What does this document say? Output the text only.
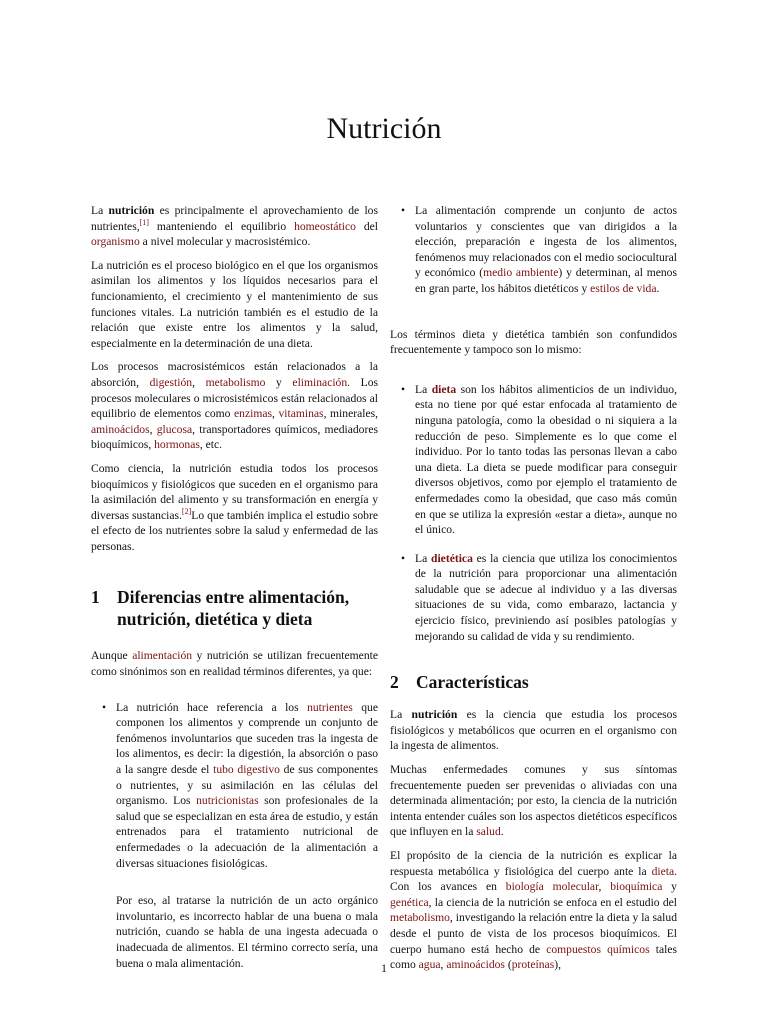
Nutrición

La nutrición es principalmente el aprovechamiento de los nutrientes,[1] manteniendo el equilibrio homeostático del organismo a nivel molecular y macrosistémico.

La nutrición es el proceso biológico en el que los organismos asimilan los alimentos y los líquidos necesarios para el funcionamiento, el crecimiento y el mantenimiento de sus funciones vitales. La nutrición también es el estudio de la relación que existe entre los alimentos y la salud, especialmente en la determinación de una dieta.

Los procesos macrosistémicos están relacionados a la absorción, digestión, metabolismo y eliminación. Los procesos moleculares o microsistémicos están relacionados al equilibrio de elementos como enzimas, vitaminas, minerales, aminoácidos, glucosa, transportadores químicos, mediadores bioquímicos, hormonas, etc.

Como ciencia, la nutrición estudia todos los procesos bioquímicos y fisiológicos que suceden en el organismo para la asimilación del alimento y su transformación en energía y diversas sustancias.[2]Lo que también implica el estudio sobre el efecto de los nutrientes sobre la salud y enfermedad de las personas.

1 Diferencias entre alimentación, nutrición, dietética y dieta

Aunque alimentación y nutrición se utilizan frecuentemente como sinónimos son en realidad términos diferentes, ya que:

• La nutrición hace referencia a los nutrientes que componen los alimentos y comprende un conjunto de fenómenos involuntarios que suceden tras la ingesta de los alimentos, es decir: la digestión, la absorción o paso a la sangre desde el tubo digestivo de sus componentes o nutrientes, y su asimilación en las células del organismo. Los nutricionistas son profesionales de la salud que se especializan en esta área de estudio, y están entrenados para el tratamiento nutricional de enfermedades o la adecuación de la alimentación a diversas situaciones fisiológicas.

Por eso, al tratarse la nutrición de un acto orgánico involuntario, es incorrecto hablar de una buena o mala nutrición, cuando se habla de una ingesta adecuada o inadecuada de alimentos. El término correcto sería, una buena o mala alimentación.

• La alimentación comprende un conjunto de actos voluntarios y conscientes que van dirigidos a la elección, preparación e ingesta de los alimentos, fenómenos muy relacionados con el medio sociocultural y económico (medio ambiente) y determinan, al menos en gran parte, los hábitos dietéticos y estilos de vida.

Los términos dieta y dietética también son confundidos frecuentemente y tampoco son lo mismo:

• La dieta son los hábitos alimenticios de un individuo, esta no tiene por qué estar enfocada al tratamiento de ninguna patología, como la obesidad o ni siquiera a la reducción de peso. Simplemente es lo que come el individuo. Por lo tanto todas las personas llevan a cabo una dieta. La dieta se puede modificar para conseguir diversos objetivos, como por ejemplo el tratamiento de enfermedades como la obesidad, que caso más común en que se utiliza la expresión «estar a dieta», aunque no el único.
• La dietética es la ciencia que utiliza los conocimientos de la nutrición para proporcionar una alimentación saludable que se adecue al individuo y a las diversas situaciones de su vida, como embarazo, lactancia y ejercicio físico, previniendo así posibles patologías y mejorando su calidad de vida y su rendimiento.
2 Características

La nutrición es la ciencia que estudia los procesos fisiológicos y metabólicos que ocurren en el organismo con la ingesta de alimentos.

Muchas enfermedades comunes y sus síntomas frecuentemente pueden ser prevenidas o aliviadas con una determinada alimentación; por esto, la ciencia de la nutrición intenta entender cuáles son los aspectos dietéticos específicos que influyen en la salud.

El propósito de la ciencia de la nutrición es explicar la respuesta metabólica y fisiológica del cuerpo ante la dieta. Con los avances en biología molecular, bioquímica y genética, la ciencia de la nutrición se enfoca en el estudio del metabolismo, investigando la relación entre la dieta y la salud desde el punto de vista de los procesos bioquímicos. El cuerpo humano está hecho de compuestos químicos tales como agua, aminoácidos (proteínas),

1
